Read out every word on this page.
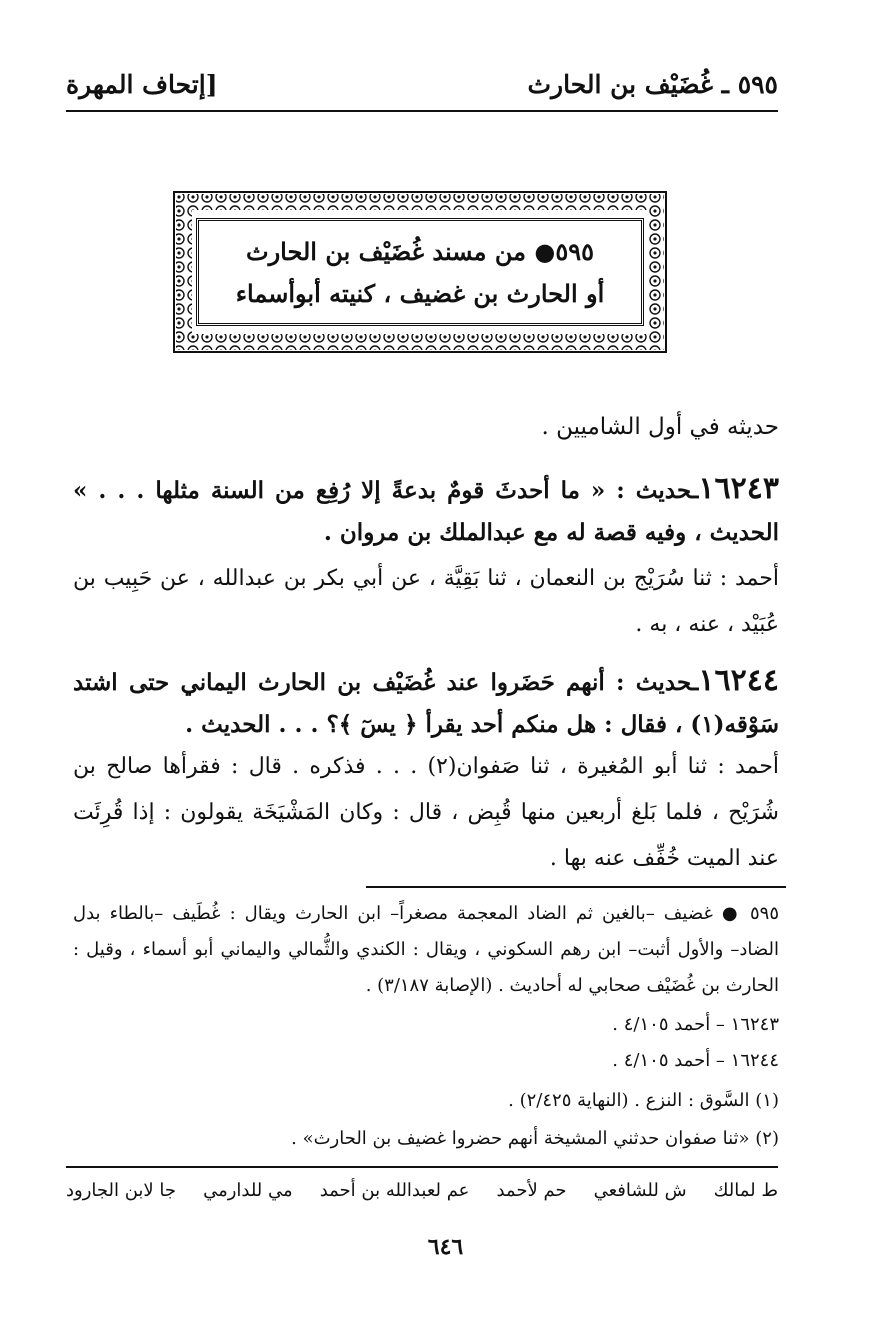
٥٩٥ ـ غُضَيْف بن الحارث
[إتحاف المهرة
٥٩٥● من مسند غُضَيْف بن الحارث
أو الحارث بن غضيف ، كنيته أبوأسماء
حديثه في أول الشاميين .
١٦٢٤٣ـحديث : « ما أحدثَ قومٌ بدعةً إلا رُفِع من السنة مثلها . . . » الحديث ، وفيه قصة له مع عبدالملك بن مروان .
أحمد : ثنا سُرَيْج بن النعمان ، ثنا بَقِيَّة ، عن أبي بكر بن عبدالله ، عن حَبِيب بن عُبَيْد ، عنه ، به .
١٦٢٤٤ـحديث : أنهم حَضَروا عند غُضَيْف بن الحارث اليماني حتى اشتد سَوْقه(١) ، فقال : هل منكم أحد يقرأ ﴿ يسٓ ﴾؟ . . . الحديث .
أحمد : ثنا أبو المُغيرة ، ثنا صَفوان(٢) . . . فذكره . قال : فقرأها صالح بن شُرَيْح ، فلما بَلغ أربعين منها قُبِض ، قال : وكان المَشْيَخَة يقولون : إذا قُرِئَت عند الميت خُفِّف عنه بها .
٥٩٥ ● غضيف –بالغين ثم الضاد المعجمة مصغراً– ابن الحارث ويقال : غُطَيف –بالطاء بدل الضاد– والأول أثبت– ابن رهم السكوني ، ويقال : الكندي والثُّمالي واليماني أبو أسماء ، وقيل : الحارث بن غُضَيْف صحابي له أحاديث . (الإصابة ٣/١٨٧) .
١٦٢٤٣ – أحمد ٤/١٠٥ .
١٦٢٤٤ – أحمد ٤/١٠٥ .
(١) السَّوق : النزع . (النهاية ٢/٤٢٥) .
(٢) «ثنا صفوان حدثني المشيخة أنهم حضروا غضيف بن الحارث» .
ط لمالك
ش للشافعي
حم لأحمد
عم لعبدالله بن أحمد
مي للدارمي
جا لابن الجارود
٦٤٦
